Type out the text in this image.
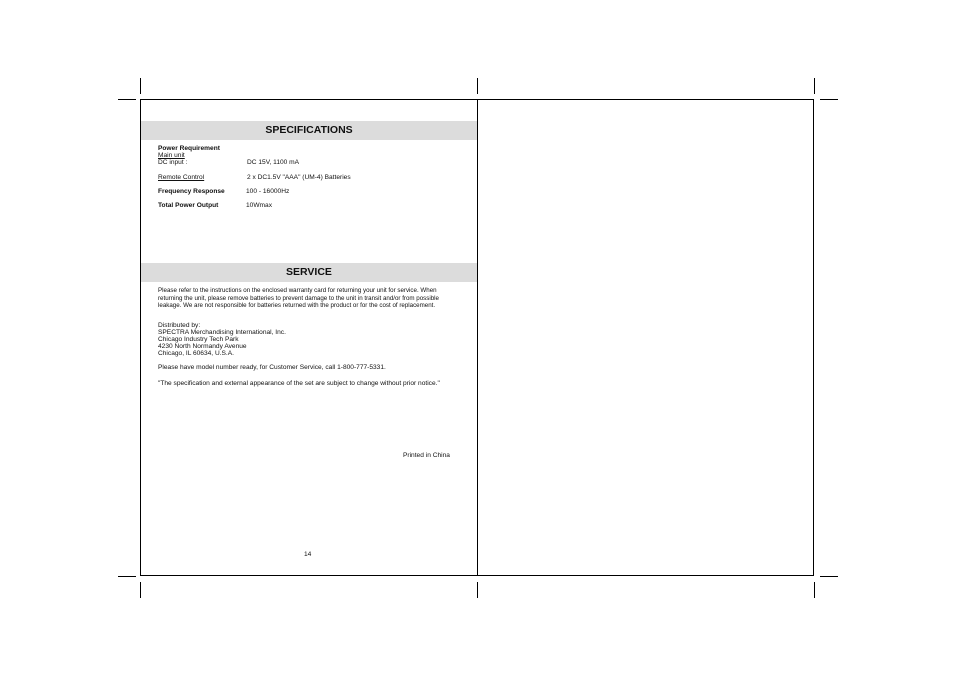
SPECIFICATIONS
Power Requirement
Main unit
DC input :	DC 15V, 1100 mA
Remote Control	2 x DC1.5V "AAA" (UM-4) Batteries
Frequency Response	100 - 16000Hz
Total Power Output	10Wmax
SERVICE
Please refer to the instructions on the enclosed warranty card for returning your unit for service. When returning the unit, please remove batteries to prevent damage to the unit in transit and/or from possible leakage. We are not responsible for batteries returned with the product or for the cost of replacement.
Distributed by:
SPECTRA Merchandising International, Inc.
Chicago Industry Tech Park
4230 North Normandy Avenue
Chicago, IL 60634, U.S.A.
Please have model number ready, for Customer Service, call 1-800-777-5331.
"The specification and external appearance of the set are subject to change without prior notice."
Printed in China
14
